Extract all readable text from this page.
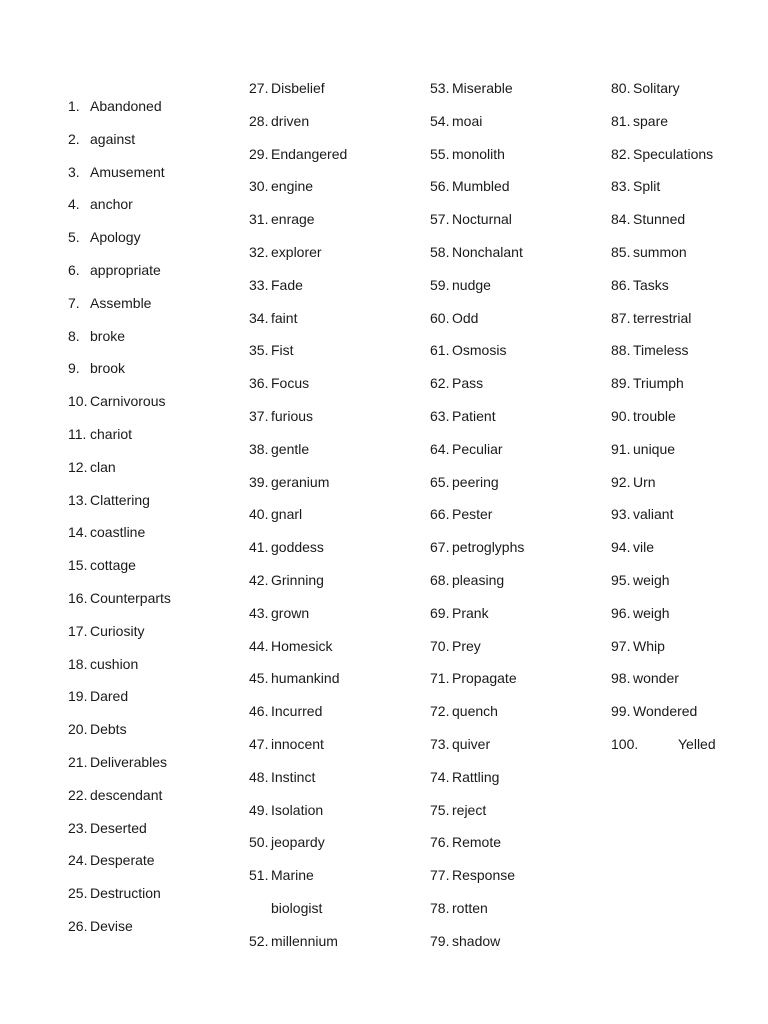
1. Abandoned
2. against
3. Amusement
4. anchor
5. Apology
6. appropriate
7. Assemble
8. broke
9. brook
10. Carnivorous
11. chariot
12. clan
13. Clattering
14. coastline
15. cottage
16. Counterparts
17. Curiosity
18. cushion
19. Dared
20. Debts
21. Deliverables
22. descendant
23. Deserted
24. Desperate
25. Destruction
26. Devise
27. Disbelief
28. driven
29. Endangered
30. engine
31. enrage
32. explorer
33. Fade
34. faint
35. Fist
36. Focus
37. furious
38. gentle
39. geranium
40. gnarl
41. goddess
42. Grinning
43. grown
44. Homesick
45. humankind
46. Incurred
47. innocent
48. Instinct
49. Isolation
50. jeopardy
51. Marine
biologist
52. millennium
53. Miserable
54. moai
55. monolith
56. Mumbled
57. Nocturnal
58. Nonchalant
59. nudge
60. Odd
61. Osmosis
62. Pass
63. Patient
64. Peculiar
65. peering
66. Pester
67. petroglyphs
68. pleasing
69. Prank
70. Prey
71. Propagate
72. quench
73. quiver
74. Rattling
75. reject
76. Remote
77. Response
78. rotten
79. shadow
80. Solitary
81. spare
82. Speculations
83. Split
84. Stunned
85. summon
86. Tasks
87. terrestrial
88. Timeless
89. Triumph
90. trouble
91. unique
92. Urn
93. valiant
94. vile
95. weigh
96. weigh
97. Whip
98. wonder
99. Wondered
100.	Yelled
